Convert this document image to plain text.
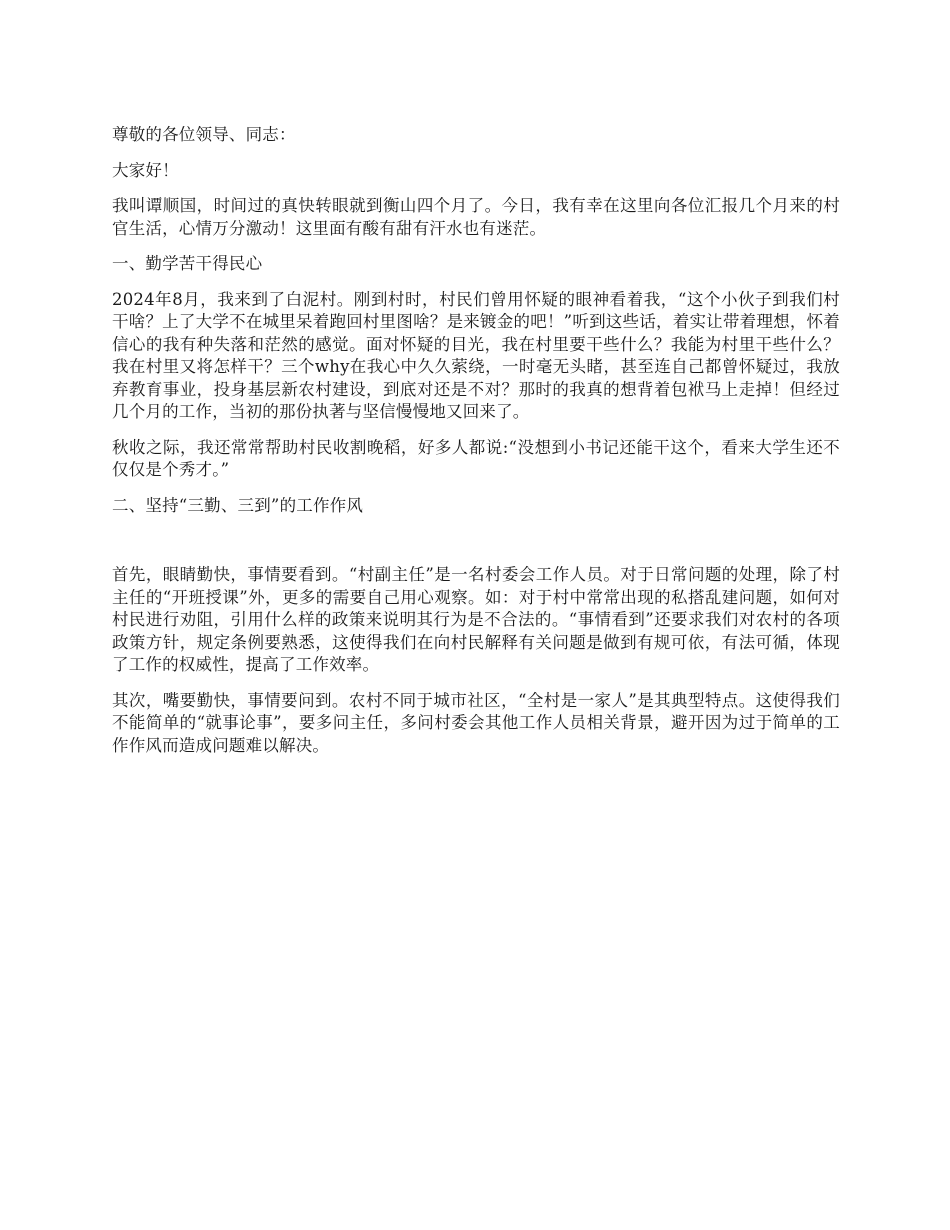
尊敬的各位领导、同志：

大家好！

我叫谭顺国，时间过的真快转眼就到衡山四个月了。今日，我有幸在这里向各位汇报几个月来的村官生活，心情万分激动！这里面有酸有甜有汗水也有迷茫。

一、勤学苦干得民心

2024年8月，我来到了白泥村。刚到村时，村民们曾用怀疑的眼神看着我，“这个小伙子到我们村干啥？上了大学不在城里呆着跑回村里图啥？是来镀金的吧！”听到这些话，着实让带着理想，怀着信心的我有种失落和茫然的感觉。面对怀疑的目光，我在村里要干些什么？我能为村里干些什么？我在村里又将怎样干？三个why在我心中久久萦绕，一时毫无头睹，甚至连自己都曾怀疑过，我放弃教育事业，投身基层新农村建设，到底对还是不对？那时的我真的想背着包袱马上走掉！但经过几个月的工作，当初的那份执著与坚信慢慢地又回来了。

秋收之际，我还常常帮助村民收割晚稻，好多人都说:“没想到小书记还能干这个，看来大学生还不仅仅是个秀才。”

二、坚持“三勤、三到”的工作作风

首先，眼睛勤快，事情要看到。“村副主任”是一名村委会工作人员。对于日常问题的处理，除了村主任的“开班授课”外，更多的需要自己用心观察。如：对于村中常常出现的私搭乱建问题，如何对村民进行劝阻，引用什么样的政策来说明其行为是不合法的。“事情看到”还要求我们对农村的各项政策方针，规定条例要熟悉，这使得我们在向村民解释有关问题是做到有规可依，有法可循，体现了工作的权威性，提高了工作效率。

其次，嘴要勤快，事情要问到。农村不同于城市社区，“全村是一家人”是其典型特点。这使得我们不能简单的“就事论事”，要多问主任，多问村委会其他工作人员相关背景，避开因为过于简单的工作作风而造成问题难以解决。
